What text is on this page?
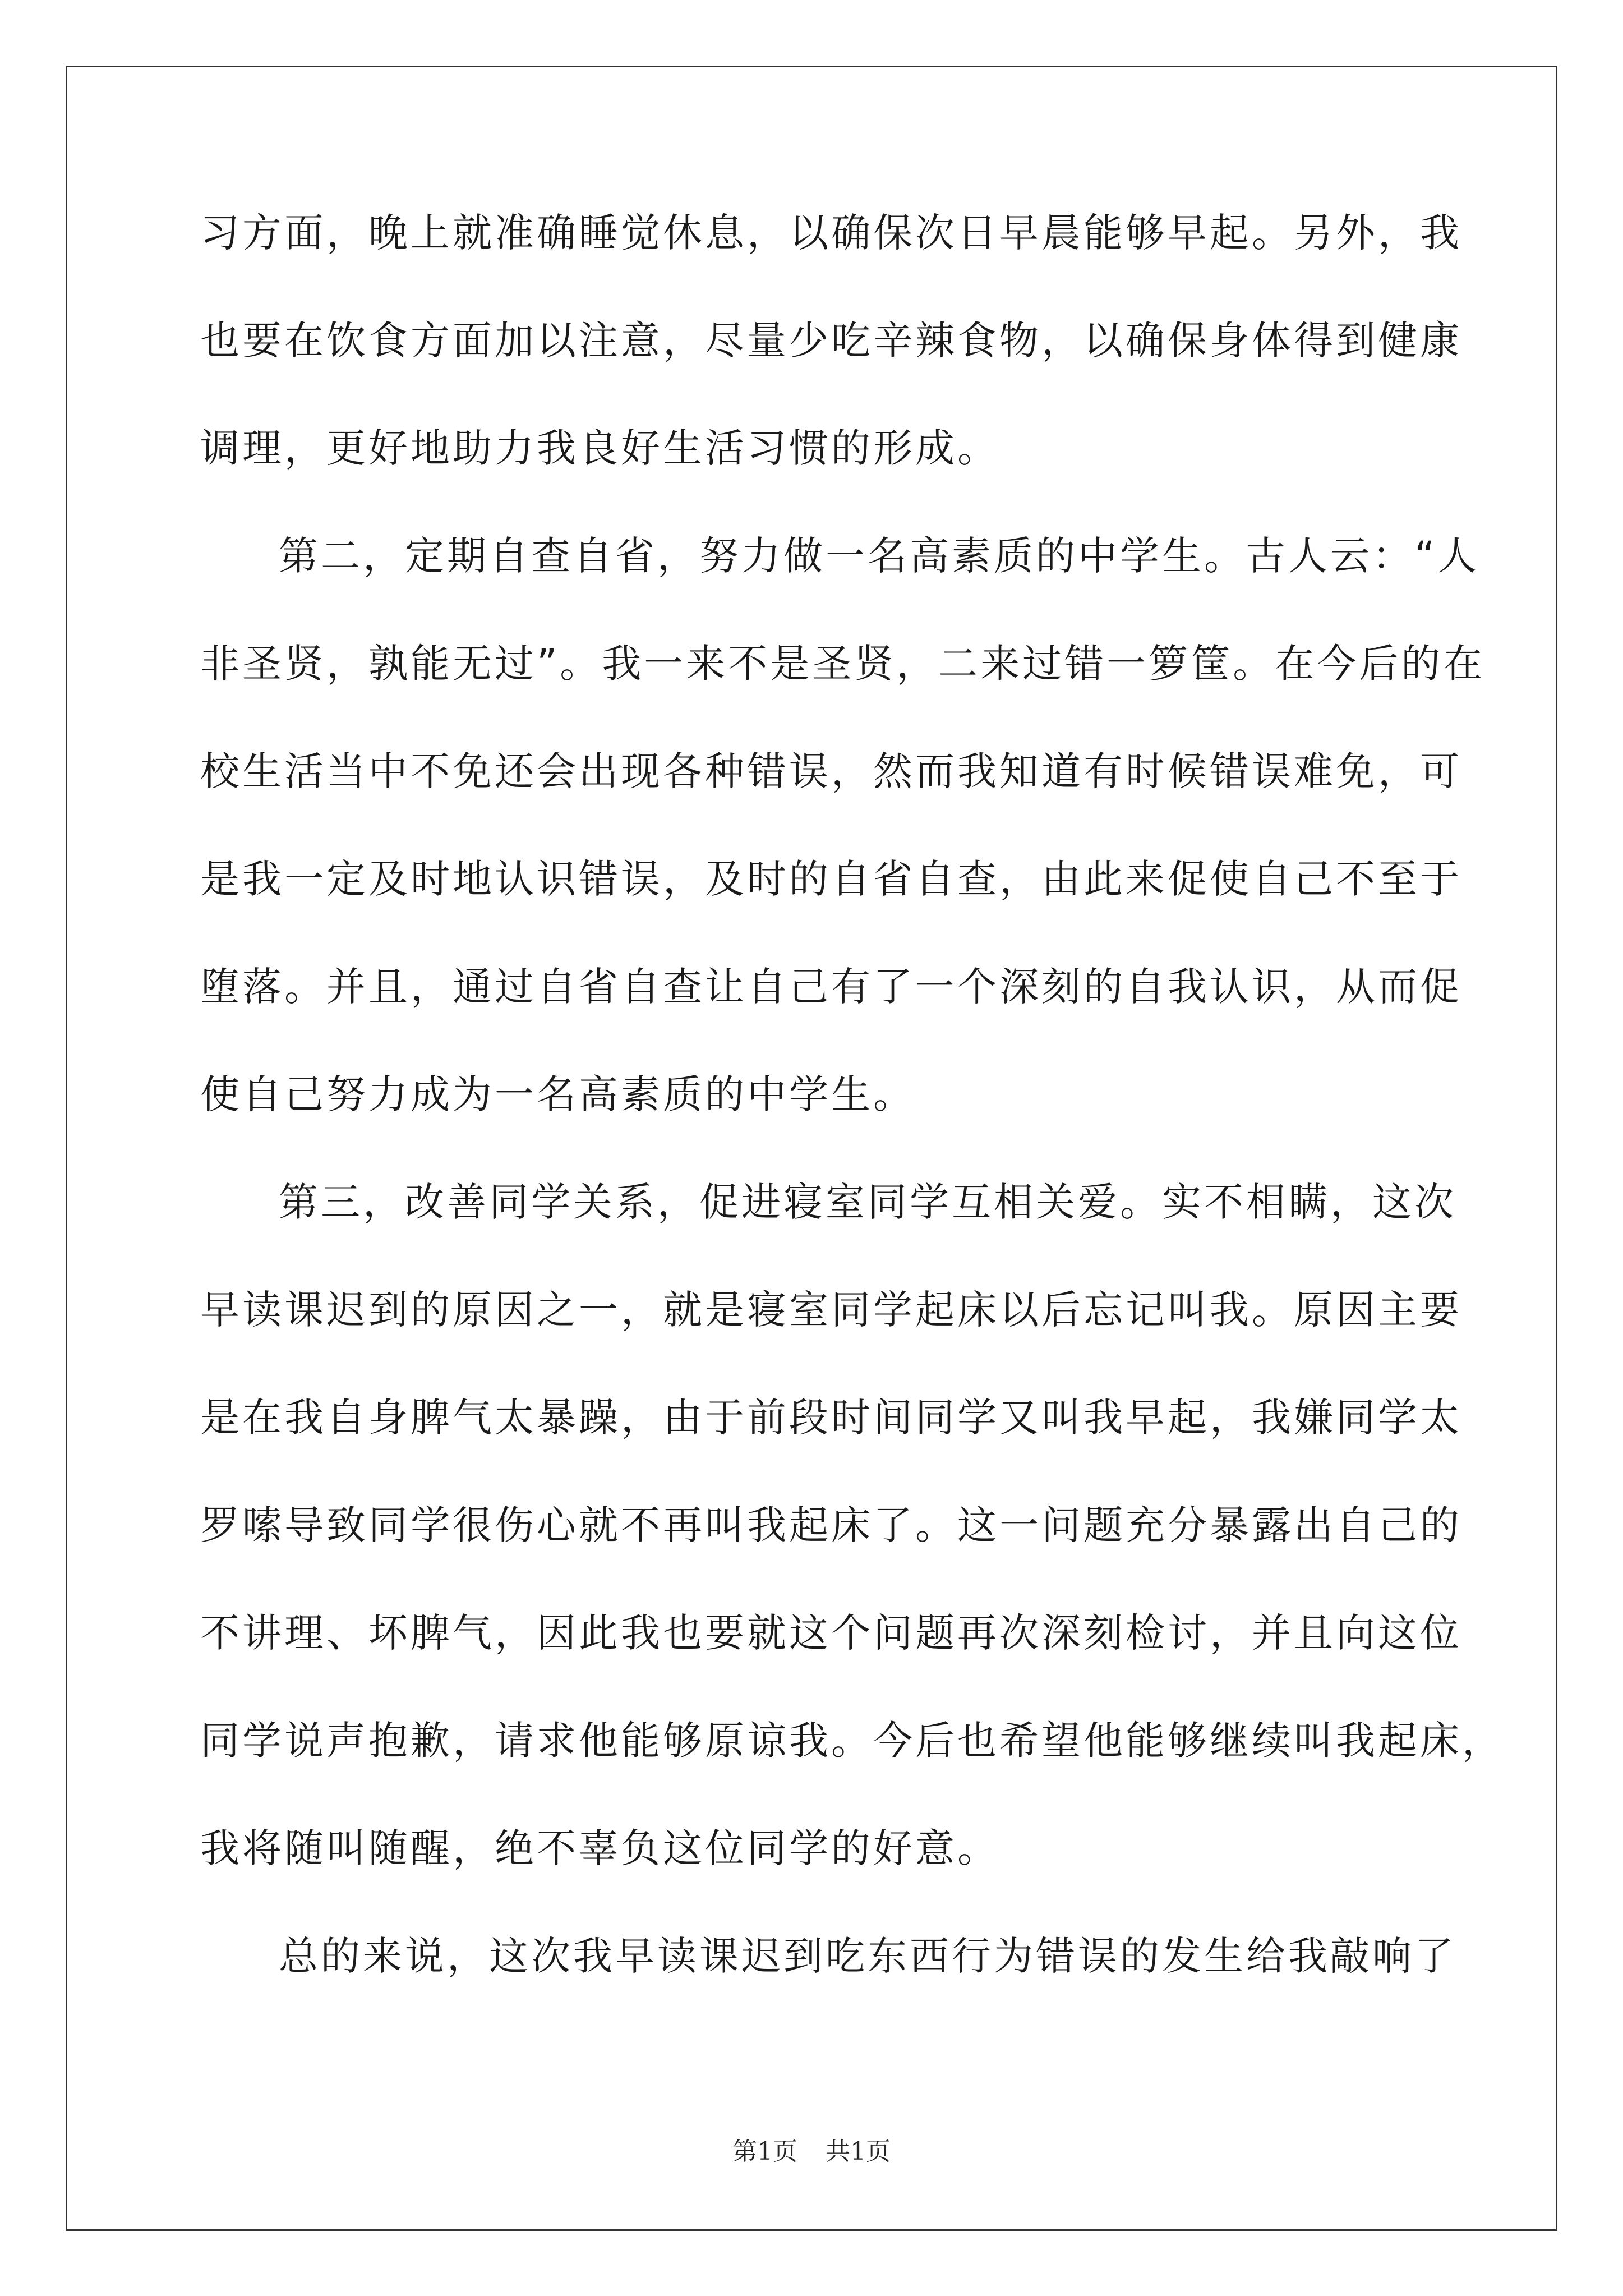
习方面，晚上就准确睡觉休息，以确保次日早晨能够早起。另外，我
也要在饮食方面加以注意，尽量少吃辛辣食物，以确保身体得到健康
调理，更好地助力我良好生活习惯的形成。
第二，定期自查自省，努力做一名高素质的中学生。古人云：“人
非圣贤，孰能无过”。我一来不是圣贤，二来过错一箩筐。在今后的在
校生活当中不免还会出现各种错误，然而我知道有时候错误难免，可
是我一定及时地认识错误，及时的自省自查，由此来促使自己不至于
堕落。并且，通过自省自查让自己有了一个深刻的自我认识，从而促
使自己努力成为一名高素质的中学生。
第三，改善同学关系，促进寝室同学互相关爱。实不相瞒，这次
早读课迟到的原因之一，就是寝室同学起床以后忘记叫我。原因主要
是在我自身脾气太暴躁，由于前段时间同学又叫我早起，我嫌同学太
罗嗦导致同学很伤心就不再叫我起床了。这一问题充分暴露出自己的
不讲理、坏脾气，因此我也要就这个问题再次深刻检讨，并且向这位
同学说声抱歉，请求他能够原谅我。今后也希望他能够继续叫我起床，
我将随叫随醒，绝不辜负这位同学的好意。
总的来说，这次我早读课迟到吃东西行为错误的发生给我敲响了
第1页 共1页
